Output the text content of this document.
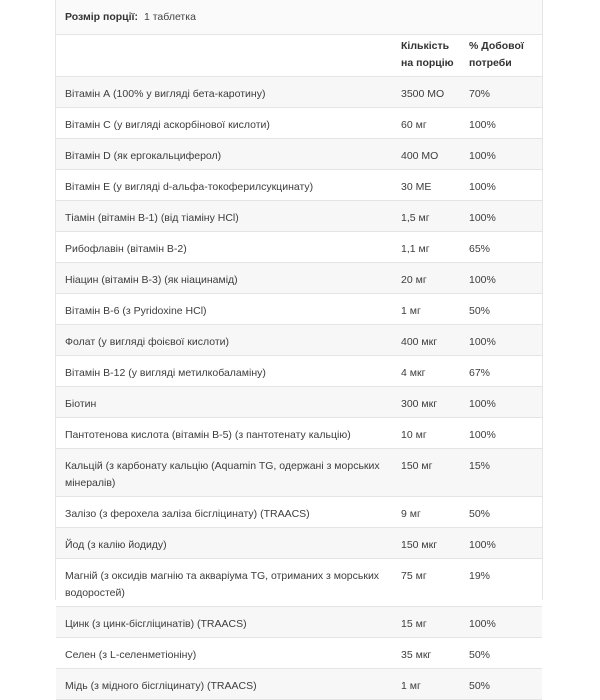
Розмір порції: 1 таблетка
	Кількість на порцію	% Добової потреби
Вітамін А (100% у вигляді бета-каротину)	3500 МО	70%
Вітамін С (у вигляді аскорбінової кислоти)	60 мг	100%
Вітамін D (як ергокальциферол)	400 МО	100%
Вітамін Е (у вигляді d-альфа-токоферилсукцинату)	30 МЕ	100%
Тіамін (вітамін В-1) (від тіаміну HCl)	1,5 мг	100%
Рибофлавін (вітамін В-2)	1,1 мг	65%
Ніацин (вітамін В-3) (як ніацинамід)	20 мг	100%
Вітамін В-6 (з Pyridoxine HCl)	1 мг	50%
Фолат (у вигляді фоієвої кислоти)	400 мкг	100%
Вітамін В-12 (у вигляді метилкобаламіну)	4 мкг	67%
Біотин	300 мкг	100%
Пантотенова кислота (вітамін В-5) (з пантотенату кальцію)	10 мг	100%
Кальцій (з карбонату кальцію (Aquamin TG, одержані з морських мінералів)	150 мг	15%
Залізо (з ферохела заліза бісгліцинату) (TRAACS)	9 мг	50%
Йод (з калію йодиду)	150 мкг	100%
Магній (з оксидів магнію та акваріума TG, отриманих з морських водоростей)	75 мг	19%
Цинк (з цинк-бісгліцинатів) (TRAACS)	15 мг	100%
Селен (з L-селенметіоніну)	35 мкг	50%
Мідь (з мідного бісгліцинату) (TRAACS)	1 мг	50%
